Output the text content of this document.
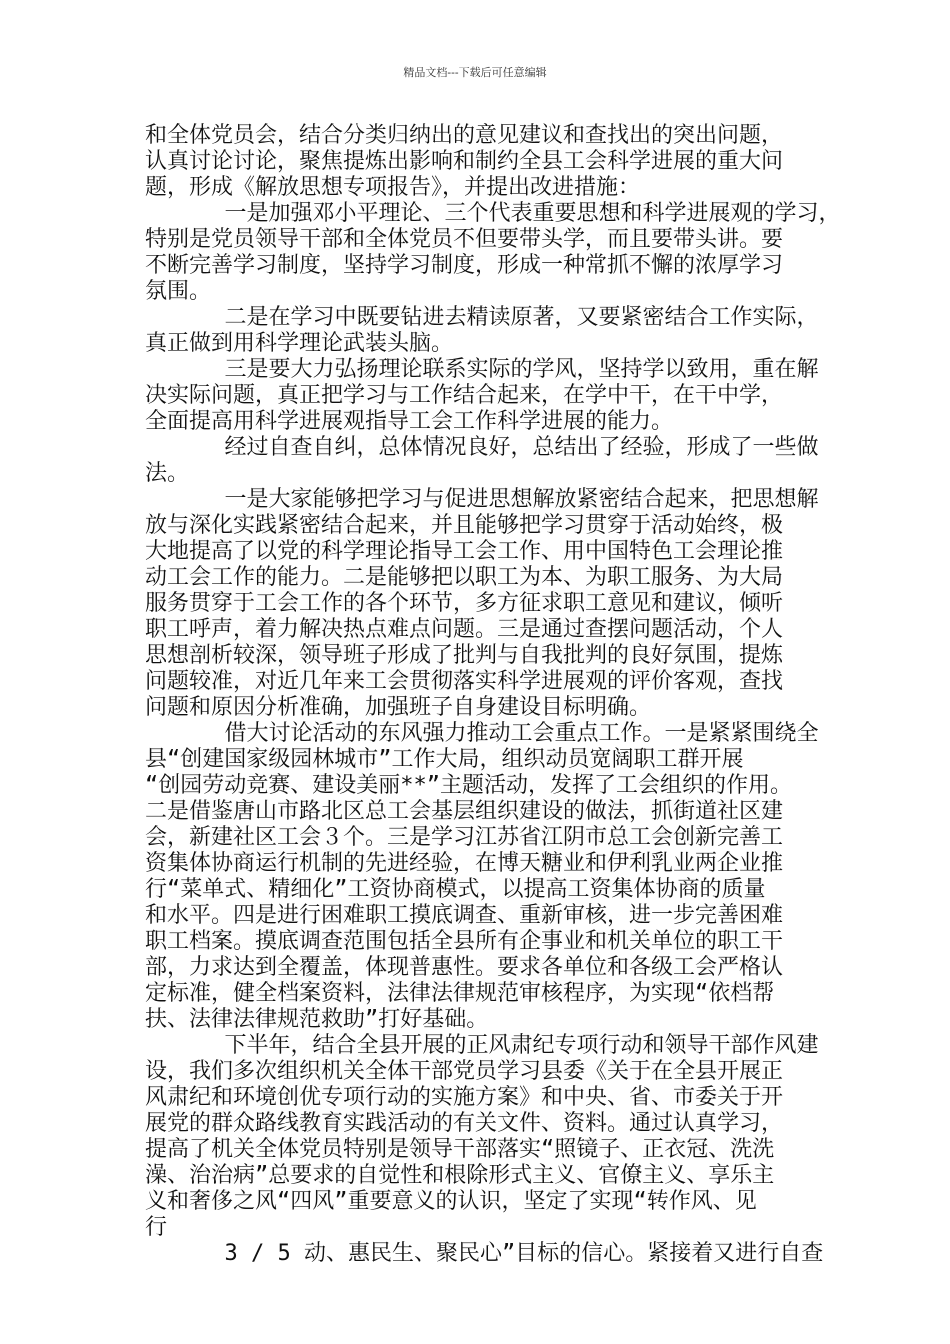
精品文档---下载后可任意编辑
和全体党员会，结合分类归纳出的意见建议和查找出的突出问题，
认真讨论讨论，聚焦提炼出影响和制约全县工会科学进展的重大问
题，形成《解放思想专项报告》，并提出改进措施：
一是加强邓小平理论、三个代表重要思想和科学进展观的学习，
特别是党员领导干部和全体党员不但要带头学，而且要带头讲。要
不断完善学习制度，坚持学习制度，形成一种常抓不懈的浓厚学习
氛围。
二是在学习中既要钻进去精读原著，又要紧密结合工作实际，
真正做到用科学理论武装头脑。
三是要大力弘扬理论联系实际的学风，坚持学以致用，重在解
决实际问题，真正把学习与工作结合起来，在学中干，在干中学，
全面提高用科学进展观指导工会工作科学进展的能力。
经过自查自纠，总体情况良好，总结出了经验，形成了一些做
法。
一是大家能够把学习与促进思想解放紧密结合起来，把思想解
放与深化实践紧密结合起来，并且能够把学习贯穿于活动始终，极
大地提高了以党的科学理论指导工会工作、用中国特色工会理论推
动工会工作的能力。二是能够把以职工为本、为职工服务、为大局
服务贯穿于工会工作的各个环节，多方征求职工意见和建议，倾听
职工呼声，着力解决热点难点问题。三是通过查摆问题活动，个人
思想剖析较深，领导班子形成了批判与自我批判的良好氛围，提炼
问题较准，对近几年来工会贯彻落实科学进展观的评价客观，查找
问题和原因分析准确，加强班子自身建设目标明确。
借大讨论活动的东风强力推动工会重点工作。一是紧紧围绕全
县“创建国家级园林城市”工作大局，组织动员宽阔职工群开展
“创园劳动竞赛、建设美丽**”主题活动，发挥了工会组织的作用。
二是借鉴唐山市路北区总工会基层组织建设的做法，抓街道社区建
会，新建社区工会３个。三是学习江苏省江阴市总工会创新完善工
资集体协商运行机制的先进经验，在博天糖业和伊利乳业两企业推
行“菜单式、精细化”工资协商模式，以提高工资集体协商的质量
和水平。四是进行困难职工摸底调查、重新审核，进一步完善困难
职工档案。摸底调查范围包括全县所有企事业和机关单位的职工干
部，力求达到全覆盖，体现普惠性。要求各单位和各级工会严格认
定标准，健全档案资料，法律法律规范审核程序，为实现“依档帮
扶、法律法律规范救助”打好基础。
下半年，结合全县开展的正风肃纪专项行动和领导干部作风建
设，我们多次组织机关全体干部党员学习县委《关于在全县开展正
风肃纪和环境创优专项行动的实施方案》和中央、省、市委关于开
展党的群众路线教育实践活动的有关文件、资料。通过认真学习，
提高了机关全体党员特别是领导干部落实“照镜子、正衣冠、洗洗
澡、治治病”总要求的自觉性和根除形式主义、官僚主义、享乐主
义和奢侈之风“四风”重要意义的认识，坚定了实现“转作风、见
行
3 / 5 动、惠民生、聚民心”目标的信心。紧接着又进行自查
